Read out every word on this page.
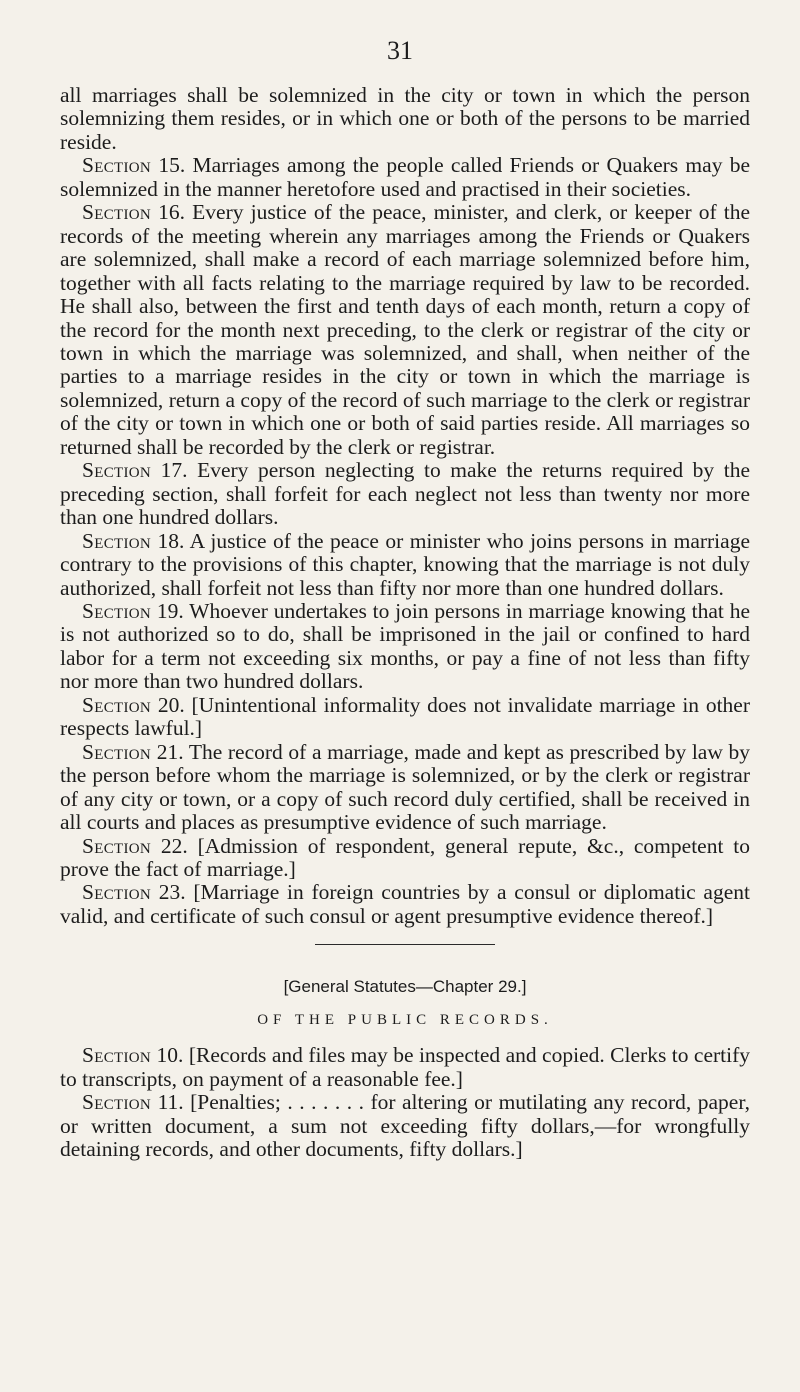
31

all marriages shall be solemnized in the city or town in which the person solemnizing them resides, or in which one or both of the persons to be married reside.

Section 15. Marriages among the people called Friends or Quakers may be solemnized in the manner heretofore used and practised in their societies.

Section 16. Every justice of the peace, minister, and clerk, or keeper of the records of the meeting wherein any marriages among the Friends or Quakers are solemnized, shall make a record of each marriage solemnized before him, together with all facts relating to the marriage required by law to be recorded. He shall also, between the first and tenth days of each month, return a copy of the record for the month next preceding, to the clerk or registrar of the city or town in which the marriage was solemnized, and shall, when neither of the parties to a marriage resides in the city or town in which the marriage is solemnized, return a copy of the record of such marriage to the clerk or registrar of the city or town in which one or both of said parties reside. All marriages so returned shall be recorded by the clerk or registrar.

Section 17. Every person neglecting to make the returns required by the preceding section, shall forfeit for each neglect not less than twenty nor more than one hundred dollars.

Section 18. A justice of the peace or minister who joins persons in marriage contrary to the provisions of this chapter, knowing that the marriage is not duly authorized, shall forfeit not less than fifty nor more than one hundred dollars.

Section 19. Whoever undertakes to join persons in marriage knowing that he is not authorized so to do, shall be imprisoned in the jail or confined to hard labor for a term not exceeding six months, or pay a fine of not less than fifty nor more than two hundred dollars.

Section 20. [Unintentional informality does not invalidate marriage in other respects lawful.]

Section 21. The record of a marriage, made and kept as prescribed by law by the person before whom the marriage is solemnized, or by the clerk or registrar of any city or town, or a copy of such record duly certified, shall be received in all courts and places as presumptive evidence of such marriage.

Section 22. [Admission of respondent, general repute, &c., competent to prove the fact of marriage.]

Section 23. [Marriage in foreign countries by a consul or diplomatic agent valid, and certificate of such consul or agent presumptive evidence thereof.]

[General Statutes—Chapter 29.]
OF THE PUBLIC RECORDS.

Section 10. [Records and files may be inspected and copied. Clerks to certify to transcripts, on payment of a reasonable fee.]

Section 11. [Penalties; . . . . . . . for altering or mutilating any record, paper, or written document, a sum not exceeding fifty dollars,—for wrongfully detaining records, and other documents, fifty dollars.]
